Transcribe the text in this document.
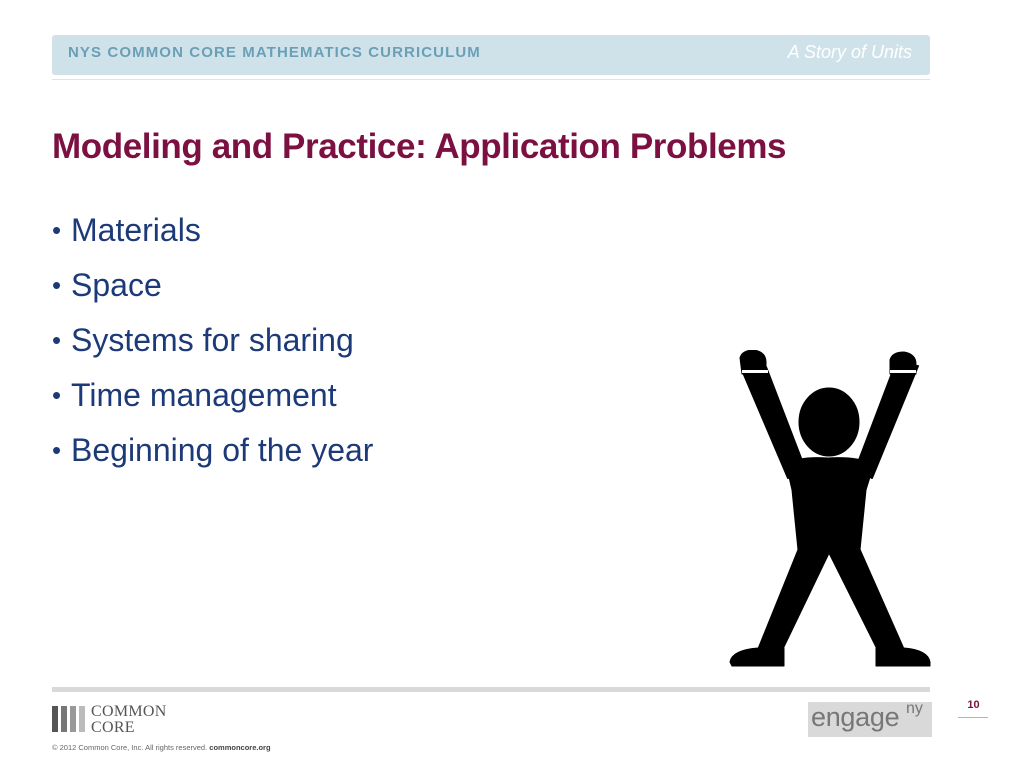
NYS COMMON CORE MATHEMATICS CURRICULUM	A Story of Units
Modeling and Practice: Application Problems
• Materials
• Space
• Systems for sharing
• Time management
• Beginning of the year
COMMON
CORE
© 2012 Common Core, Inc. All rights reserved. commoncore.org
engage ny	10
